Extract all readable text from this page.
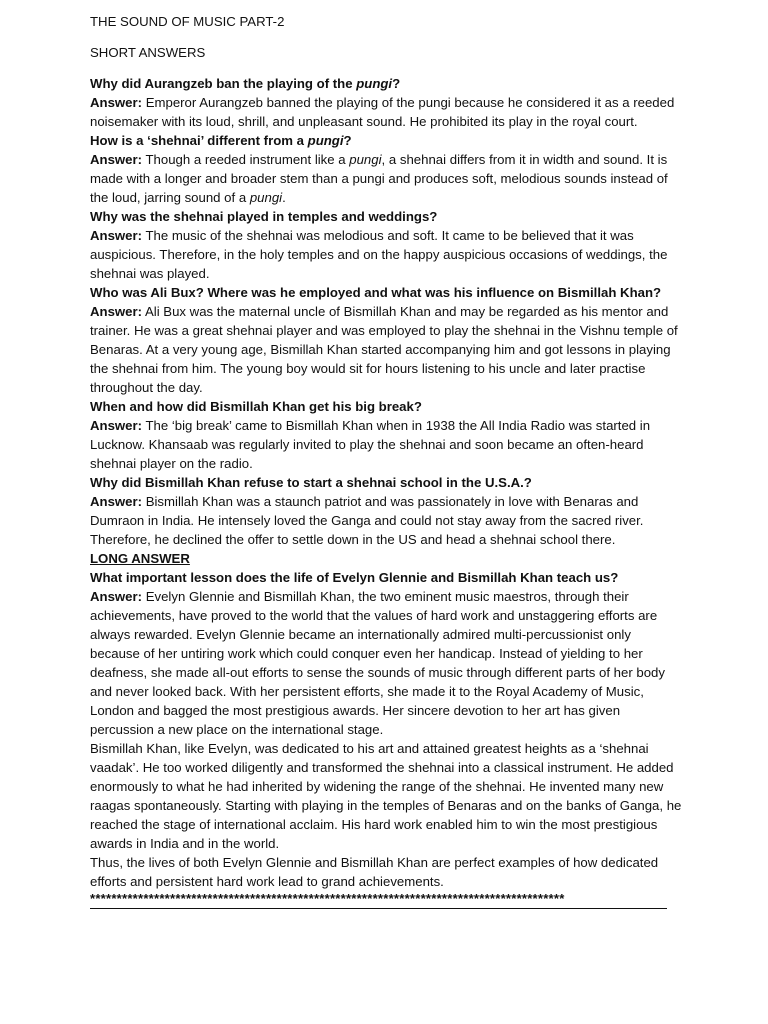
THE SOUND OF MUSIC PART-2

SHORT ANSWERS

Why did Aurangzeb ban the playing of the pungi?

Answer: Emperor Aurangzeb banned the playing of the pungi because he considered it as a reeded noisemaker with its loud, shrill, and unpleasant sound. He prohibited its play in the royal court.

How is a ‘shehnai’ different from a pungi?

Answer: Though a reeded instrument like a pungi, a shehnai differs from it in width and sound. It is made with a longer and broader stem than a pungi and produces soft, melodious sounds instead of the loud, jarring sound of a pungi.

Why was the shehnai played in temples and weddings?

Answer: The music of the shehnai was melodious and soft. It came to be believed that it was auspicious. Therefore, in the holy temples and on the happy auspicious occasions of weddings, the shehnai was played.

Who was Ali Bux? Where was he employed and what was his influence on Bismillah Khan?

Answer: Ali Bux was the maternal uncle of Bismillah Khan and may be regarded as his mentor and trainer. He was a great shehnai player and was employed to play the shehnai in the Vishnu temple of Benaras. At a very young age, Bismillah Khan started accompanying him and got lessons in playing the shehnai from him. The young boy would sit for hours listening to his uncle and later practise throughout the day.

When and how did Bismillah Khan get his big break?

Answer: The ‘big break’ came to Bismillah Khan when in 1938 the All India Radio was started in Lucknow. Khansaab was regularly invited to play the shehnai and soon became an often-heard shehnai player on the radio.

Why did Bismillah Khan refuse to start a shehnai school in the U.S.A.?

Answer: Bismillah Khan was a staunch patriot and was passionately in love with Benaras and Dumraon in India. He intensely loved the Ganga and could not stay away from the sacred river. Therefore, he declined the offer to settle down in the US and head a shehnai school there.

LONG ANSWER

What important lesson does the life of Evelyn Glennie and Bismillah Khan teach us?

Answer: Evelyn Glennie and Bismillah Khan, the two eminent music maestros, through their achievements, have proved to the world that the values of hard work and unstaggering efforts are always rewarded. Evelyn Glennie became an internationally admired multi-percussionist only because of her untiring work which could conquer even her handicap. Instead of yielding to her deafness, she made all-out efforts to sense the sounds of music through different parts of her body and never looked back. With her persistent efforts, she made it to the Royal Academy of Music, London and bagged the most prestigious awards. Her sincere devotion to her art has given percussion a new place on the international stage.

Bismillah Khan, like Evelyn, was dedicated to his art and attained greatest heights as a ‘shehnai vaadak’. He too worked diligently and transformed the shehnai into a classical instrument. He added enormously to what he had inherited by widening the range of the shehnai. He invented many new raagas spontaneously. Starting with playing in the temples of Benaras and on the banks of Ganga, he reached the stage of international acclaim. His hard work enabled him to win the most prestigious awards in India and in the world.

Thus, the lives of both Evelyn Glennie and Bismillah Khan are perfect examples of how dedicated efforts and persistent hard work lead to grand achievements.

*****************************************************************************************
